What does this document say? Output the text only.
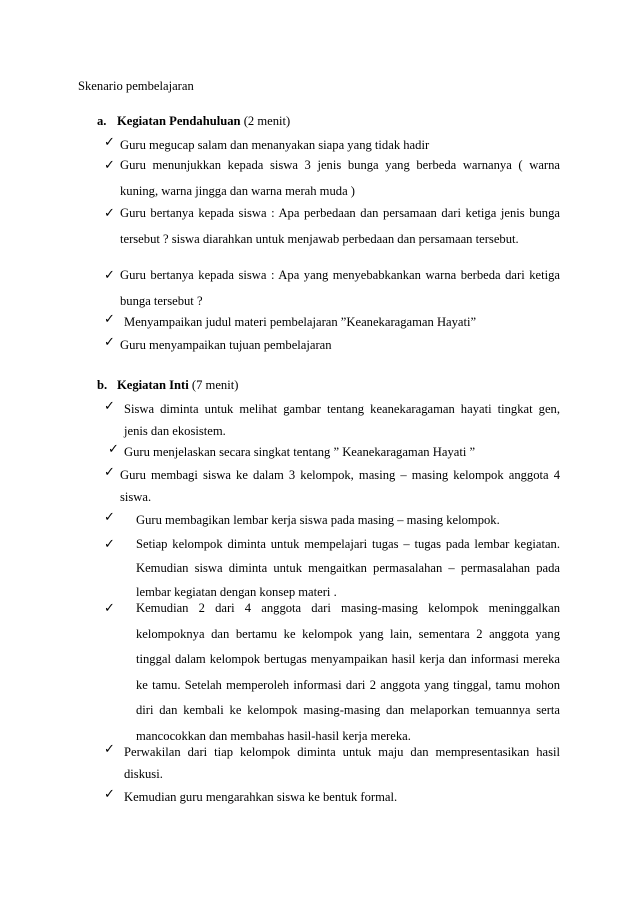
Skenario pembelajaran
a. Kegiatan Pendahuluan (2 menit)
✓ Guru megucap salam dan menanyakan siapa yang tidak hadir
✓ Guru menunjukkan kepada siswa 3 jenis bunga yang berbeda warnanya ( warna kuning, warna jingga dan warna merah muda )
✓ Guru bertanya kepada siswa : Apa perbedaan dan persamaan dari ketiga jenis bunga tersebut ? siswa diarahkan untuk menjawab perbedaan dan persamaan tersebut.
✓ Guru bertanya kepada siswa : Apa yang menyebabkankan warna berbeda dari ketiga bunga tersebut ?
✓ Menyampaikan judul materi pembelajaran ”Keanekaragaman Hayati”
✓ Guru menyampaikan tujuan pembelajaran
b. Kegiatan Inti (7 menit)
✓ Siswa diminta untuk melihat gambar tentang keanekaragaman hayati tingkat gen, jenis dan ekosistem.
✓ Guru menjelaskan secara singkat tentang ” Keanekaragaman Hayati ”
✓ Guru membagi siswa ke dalam 3 kelompok, masing – masing kelompok anggota 4 siswa.
✓ Guru membagikan lembar kerja siswa pada masing – masing kelompok.
✓ Setiap kelompok diminta untuk mempelajari tugas – tugas pada lembar kegiatan. Kemudian siswa diminta untuk mengaitkan permasalahan – permasalahan pada lembar kegiatan dengan konsep materi .
✓ Kemudian 2 dari 4 anggota dari masing-masing kelompok meninggalkan kelompoknya dan bertamu ke kelompok yang lain, sementara 2 anggota yang tinggal dalam kelompok bertugas menyampaikan hasil kerja dan informasi mereka ke tamu. Setelah memperoleh informasi dari 2 anggota yang tinggal, tamu mohon diri dan kembali ke kelompok masing-masing dan melaporkan temuannya serta mancocokkan dan membahas hasil-hasil kerja mereka.
✓ Perwakilan dari tiap kelompok diminta untuk maju dan mempresentasikan hasil diskusi.
✓ Kemudian guru mengarahkan siswa ke bentuk formal.
